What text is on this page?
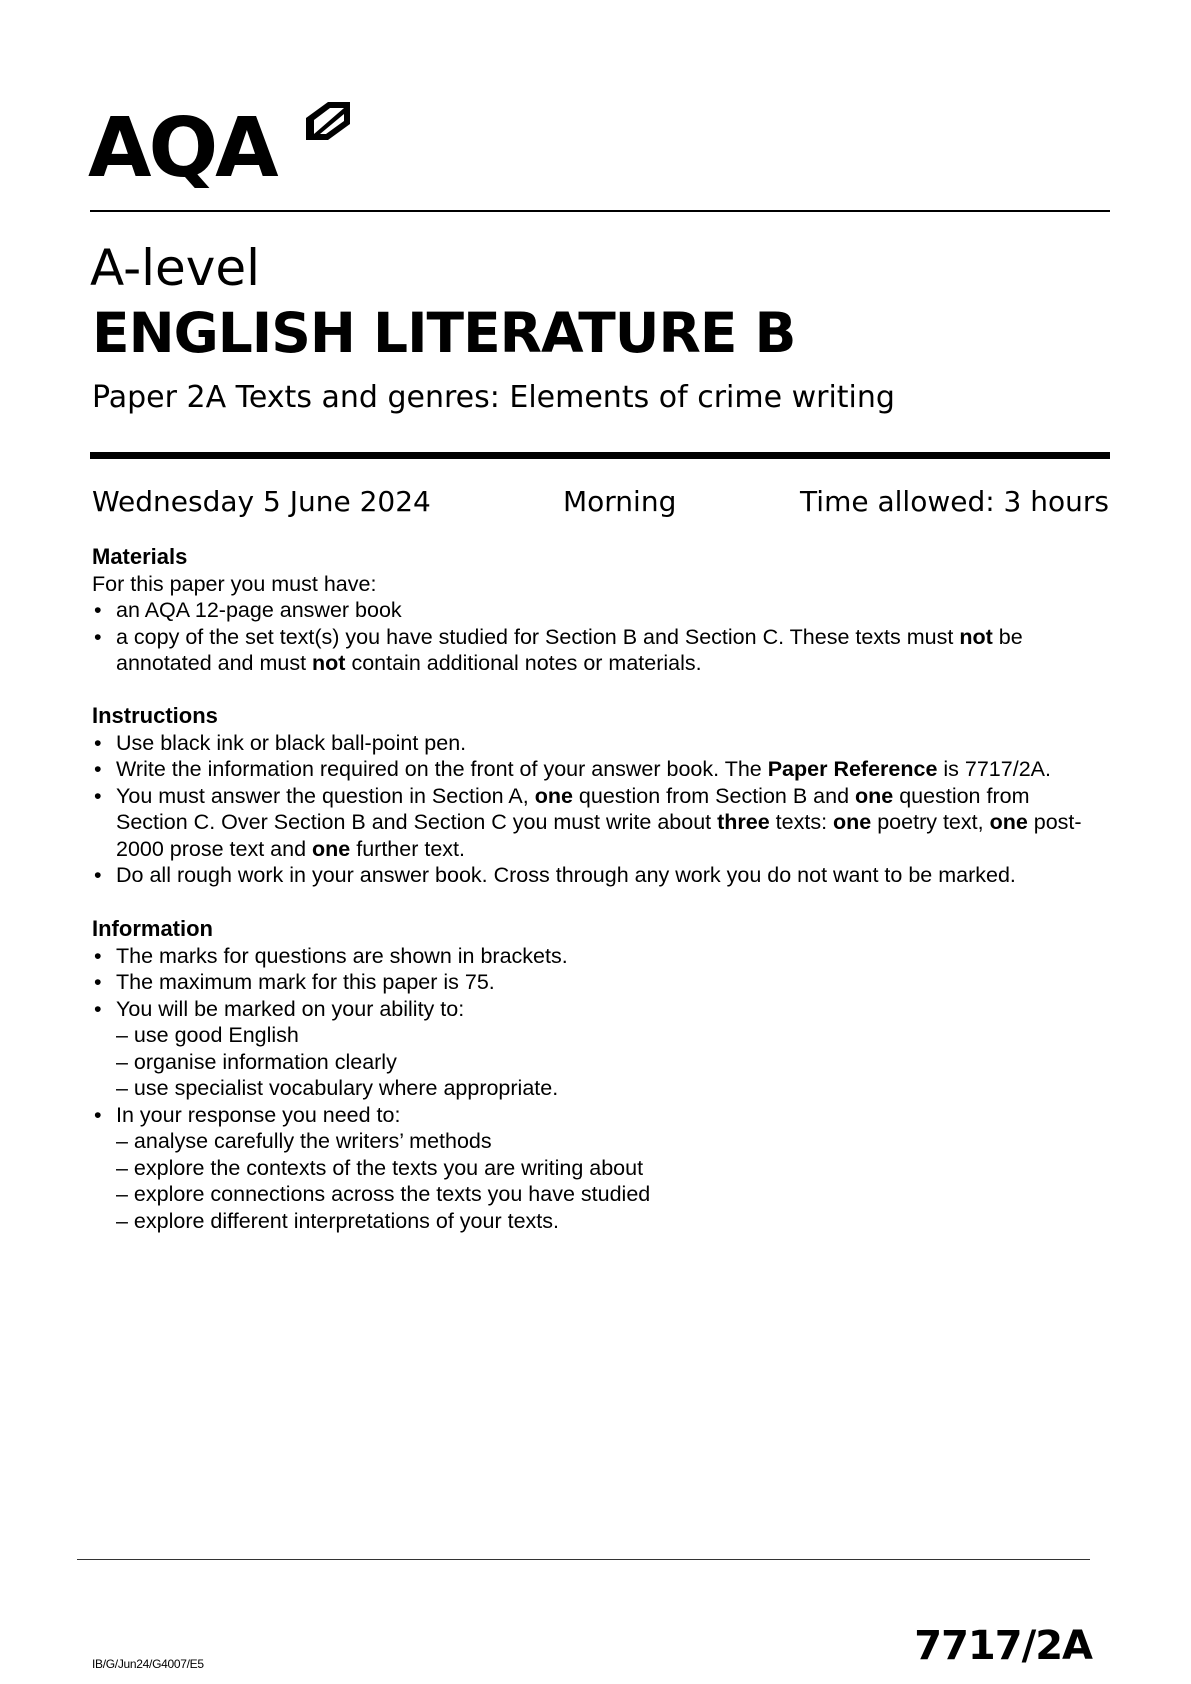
AQA
A-level
ENGLISH LITERATURE B
Paper 2A Texts and genres: Elements of crime writing
Wednesday 5 June 2024	Morning	Time allowed: 3 hours
Materials

For this paper you must have:

• an AQA 12-page answer book
• a copy of the set text(s) you have studied for Section B and Section C. These texts must not be annotated and must not contain additional notes or materials.
Instructions
• Use black ink or black ball-point pen.
• Write the information required on the front of your answer book. The Paper Reference is 7717/2A.
• You must answer the question in Section A, one question from Section B and one question from Section C. Over Section B and Section C you must write about three texts: one poetry text, one post-2000 prose text and one further text.
• Do all rough work in your answer book. Cross through any work you do not want to be marked.
Information
• The marks for questions are shown in brackets.
• The maximum mark for this paper is 75.
• You will be marked on your ability to:
– use good English
– organise information clearly
– use specialist vocabulary where appropriate.
• In your response you need to:
– analyse carefully the writers’ methods
– explore the contexts of the texts you are writing about
– explore connections across the texts you have studied
– explore different interpretations of your texts.
IB/G/Jun24/G4007/E5	7717/2A
